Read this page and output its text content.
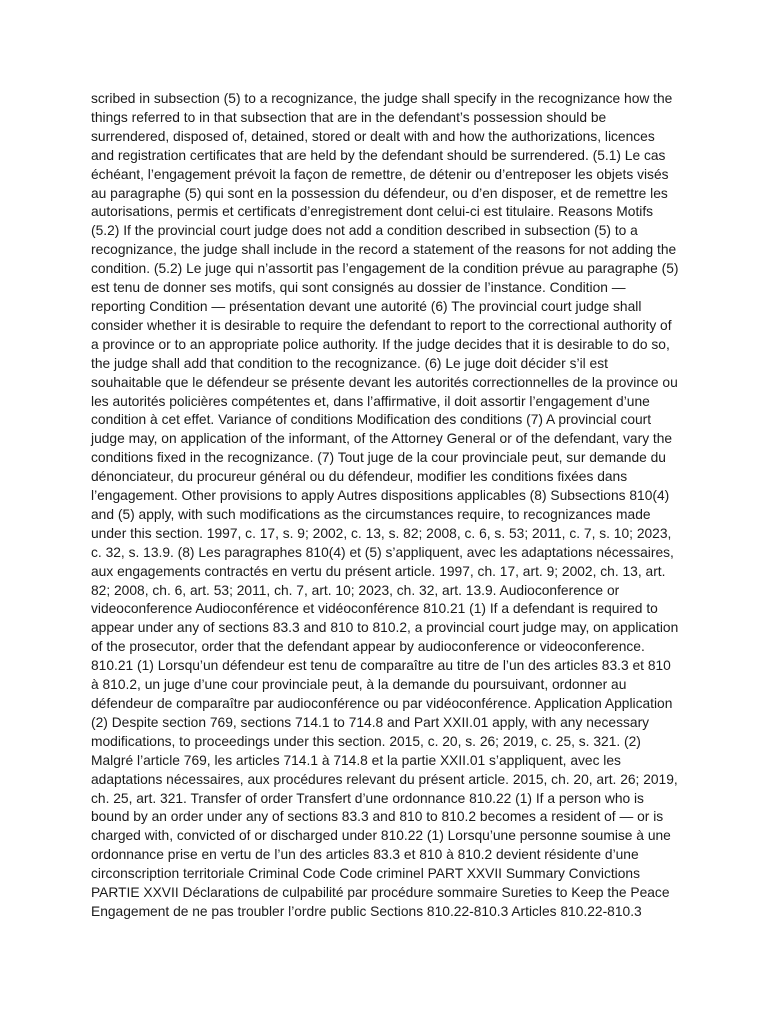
scribed in subsection (5) to a recognizance, the judge shall specify in the recognizance how the things referred to in that subsection that are in the defendant’s possession should be surrendered, disposed of, detained, stored or dealt with and how the authorizations, licences and registration certificates that are held by the defendant should be surrendered. (5.1) Le cas échéant, l’engagement prévoit la façon de remettre, de détenir ou d’entreposer les objets visés au paragraphe (5) qui sont en la possession du défendeur, ou d’en disposer, et de remettre les autorisations, permis et certificats d’enregistrement dont celui-ci est titulaire. Reasons Motifs (5.2) If the provincial court judge does not add a condition described in subsection (5) to a recognizance, the judge shall include in the record a statement of the reasons for not adding the condition. (5.2) Le juge qui n’assortit pas l’engagement de la condition prévue au paragraphe (5) est tenu de donner ses motifs, qui sont consignés au dossier de l’instance. Condition — reporting Condition — présentation devant une autorité (6) The provincial court judge shall consider whether it is desirable to require the defendant to report to the correctional authority of a province or to an appropriate police authority. If the judge decides that it is desirable to do so, the judge shall add that condition to the recognizance. (6) Le juge doit décider s’il est souhaitable que le défendeur se présente devant les autorités correctionnelles de la province ou les autorités policières compétentes et, dans l’affirmative, il doit assortir l’engagement d’une condition à cet effet. Variance of conditions Modification des conditions (7) A provincial court judge may, on application of the informant, of the Attorney General or of the defendant, vary the conditions fixed in the recognizance. (7) Tout juge de la cour provinciale peut, sur demande du dénonciateur, du procureur général ou du défendeur, modifier les conditions fixées dans l’engagement. Other provisions to apply Autres dispositions applicables (8) Subsections 810(4) and (5) apply, with such modifications as the circumstances require, to recognizances made under this section. 1997, c. 17, s. 9; 2002, c. 13, s. 82; 2008, c. 6, s. 53; 2011, c. 7, s. 10; 2023, c. 32, s. 13.9. (8) Les paragraphes 810(4) et (5) s’appliquent, avec les adaptations nécessaires, aux engagements contractés en vertu du présent article. 1997, ch. 17, art. 9; 2002, ch. 13, art. 82; 2008, ch. 6, art. 53; 2011, ch. 7, art. 10; 2023, ch. 32, art. 13.9. Audioconference or videoconference Audioconférence et vidéoconférence 810.21 (1) If a defendant is required to appear under any of sections 83.3 and 810 to 810.2, a provincial court judge may, on application of the prosecutor, order that the defendant appear by audioconference or videoconference. 810.21 (1) Lorsqu’un défendeur est tenu de comparaître au titre de l’un des articles 83.3 et 810 à 810.2, un juge d’une cour provinciale peut, à la demande du poursuivant, ordonner au défendeur de comparaître par audioconférence ou par vidéoconférence. Application Application (2) Despite section 769, sections 714.1 to 714.8 and Part XXII.01 apply, with any necessary modifications, to proceedings under this section. 2015, c. 20, s. 26; 2019, c. 25, s. 321. (2) Malgré l’article 769, les articles 714.1 à 714.8 et la partie XXII.01 s’appliquent, avec les adaptations nécessaires, aux procédures relevant du présent article. 2015, ch. 20, art. 26; 2019, ch. 25, art. 321. Transfer of order Transfert d’une ordonnance 810.22 (1) If a person who is bound by an order under any of sections 83.3 and 810 to 810.2 becomes a resident of — or is charged with, convicted of or discharged under 810.22 (1) Lorsqu’une personne soumise à une ordonnance prise en vertu de l’un des articles 83.3 et 810 à 810.2 devient résidente d’une circonscription territoriale Criminal Code Code criminel PART XXVII Summary Convictions PARTIE XXVII Déclarations de culpabilité par procédure sommaire Sureties to Keep the Peace Engagement de ne pas troubler l’ordre public Sections 810.22-810.3 Articles 810.22-810.3
